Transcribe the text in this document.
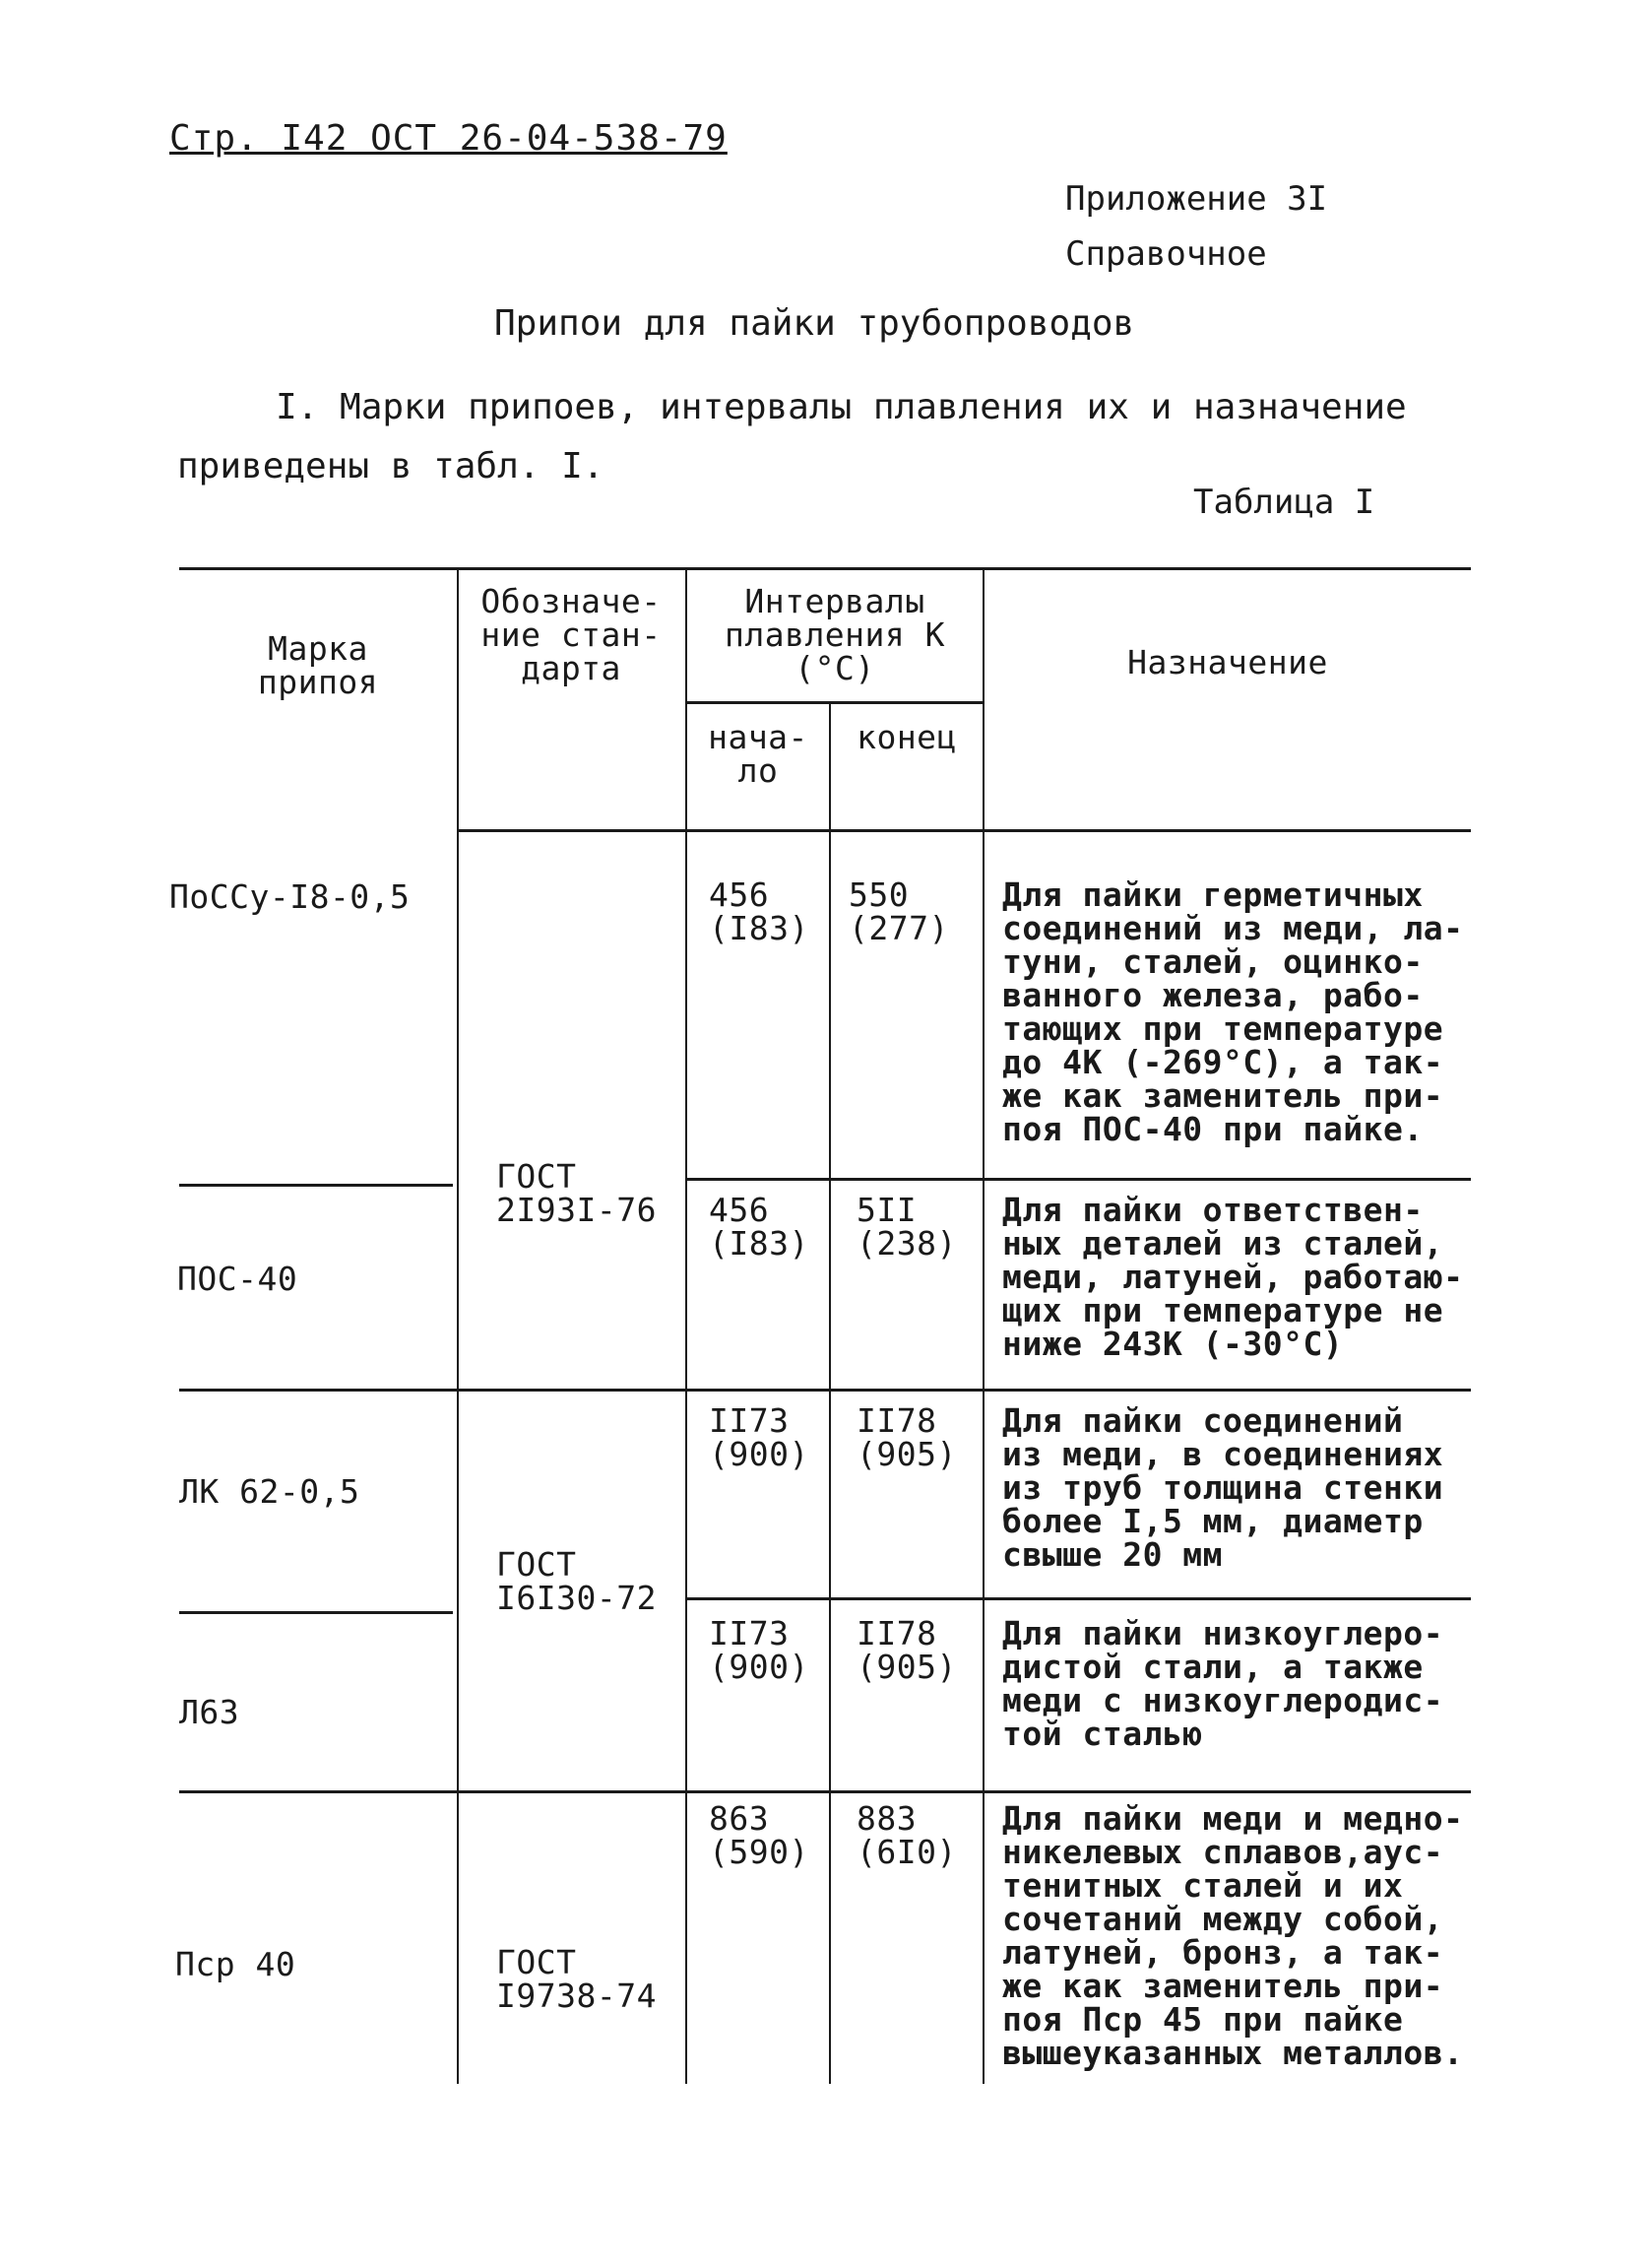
Стр. I42 ОСТ 26-04-538-79
Приложение 3I
Справочное
Припои для пайки трубопроводов
I. Марки припоев, интервалы плавления их и назначение приведены в табл. I.
Таблица I
Марка
припоя
Обозначе-
ние стан-
дарта
Интервалы
плавления К
(°С)
нача-
ло
конец
Назначение
ПоССу-I8-0,5	456
(I83)
550
(277)
Для пайки герметичных
соединений из меди, ла-
туни, сталей, оцинко-
ванного железа, рабо-
тающих при температуре
до 4К (-269°С), а так-
же как заменитель при-
поя ПОС-40 при пайке.
ПОС-40
456
(I83)
5II
(238)
Для пайки ответствен-
ных деталей из сталей,
меди, латуней, работаю-
щих при температуре не
ниже 243К (-30°С)
ГОСТ
2I93I-76
ЛК 62-0,5
II73
(900)
II78
(905)
Для пайки соединений
из меди, в соединениях
из труб толщина стенки
более I,5 мм, диаметр
свыше 20 мм
Л63
II73
(900)
II78
(905)
Для пайки низкоуглеро-
дистой стали, а также
меди с низкоуглеродис-
той сталью
ГОСТ
I6I30-72
Пср 40
863
(590)
883
(6I0)
Для пайки меди и медно-
никелевых сплавов,аус-
тенитных сталей и их
сочетаний между собой,
латуней, бронз, а так-
же как заменитель при-
поя Пср 45 при пайке
вышеуказанных металлов.
ГОСТ
I9738-74
